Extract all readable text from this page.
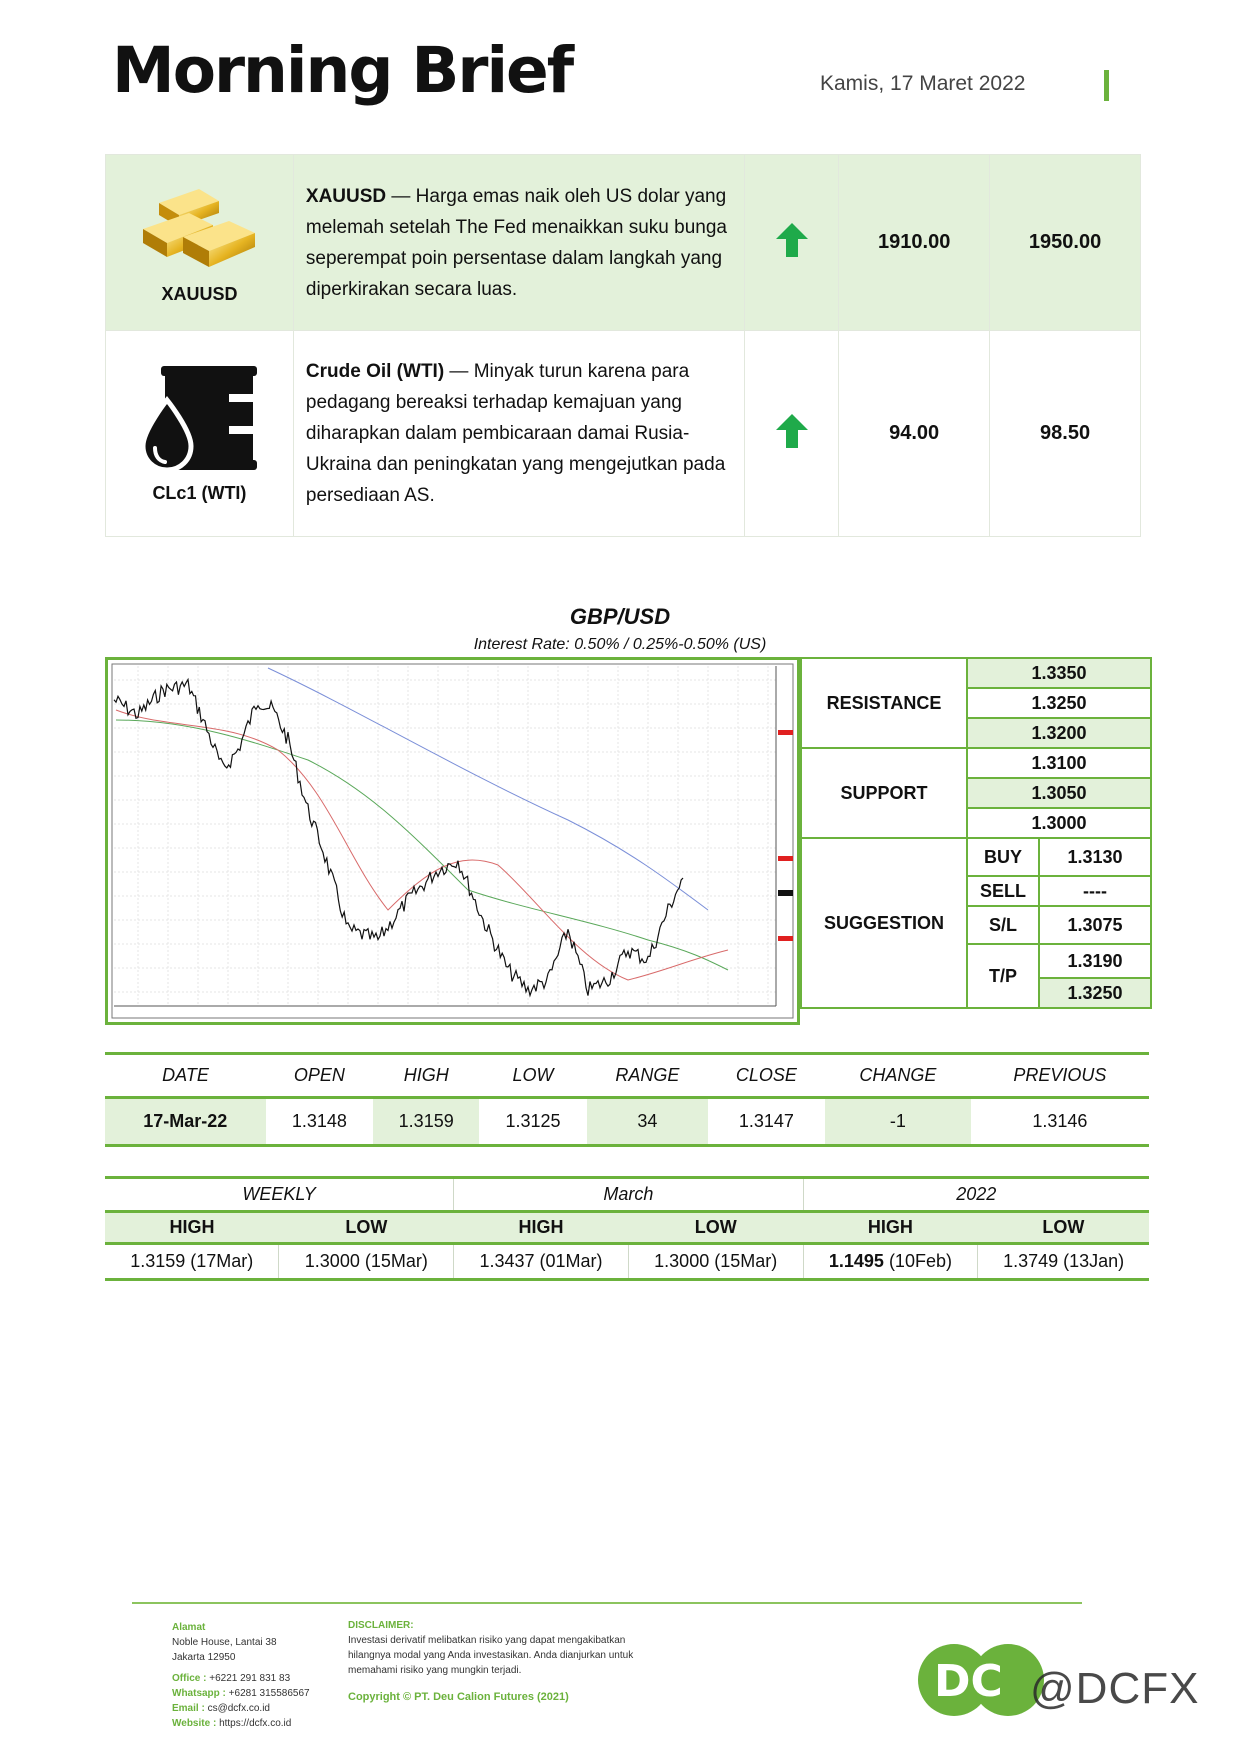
Morning Brief	Kamis, 17 Maret 2022
XAUUSD	XAUUSD — Harga emas naik oleh US dolar yang melemah setelah The Fed menaikkan suku bunga seperempat poin persentase dalam langkah yang diperkirakan secara luas.		1910.00	1950.00

CLc1 (WTI)	Crude Oil (WTI) — Minyak turun karena para pedagang bereaksi terhadap kemajuan yang diharapkan dalam pembicaraan damai Rusia-Ukraina dan peningkatan yang mengejutkan pada persediaan AS.		94.00	98.50
GBP/USD
Interest Rate: 0.50% / 0.25%-0.50% (US)
RESISTANCE	1.3350	
	1.3250	
	1.3200	
SUPPORT	1.3100	
	1.3050	
	1.3000	
SUGGESTION	BUY	1.3130
	SELL	----
	S/L	1.3075
	T/P	1.3190
		1.3250
DATE	OPEN	HIGH	LOW	RANGE	CLOSE	CHANGE	PREVIOUS
17-Mar-22	1.3148	1.3159	1.3125	34	1.3147	-1	1.3146
WEEKLY		March		2022	
HIGH	LOW	HIGH	LOW	HIGH	LOW
1.3159 (17Mar)	1.3000 (15Mar)	1.3437 (01Mar)	1.3000 (15Mar)	1.1495 (10Feb)	1.3749 (13Jan)
Alamat
Noble House, Lantai 38
Jakarta 12950
Office : +6221 291 831 83
Whatsapp : +6281 315586567
Email : cs@dcfx.co.id
Website : https://dcfx.co.id
DISCLAIMER:
Investasi derivatif melibatkan risiko yang dapat mengakibatkan hilangnya modal yang Anda investasikan. Anda dianjurkan untuk memahami risiko yang mungkin terjadi.
Copyright © PT. Deu Calion Futures (2021)	DC @DCFX
